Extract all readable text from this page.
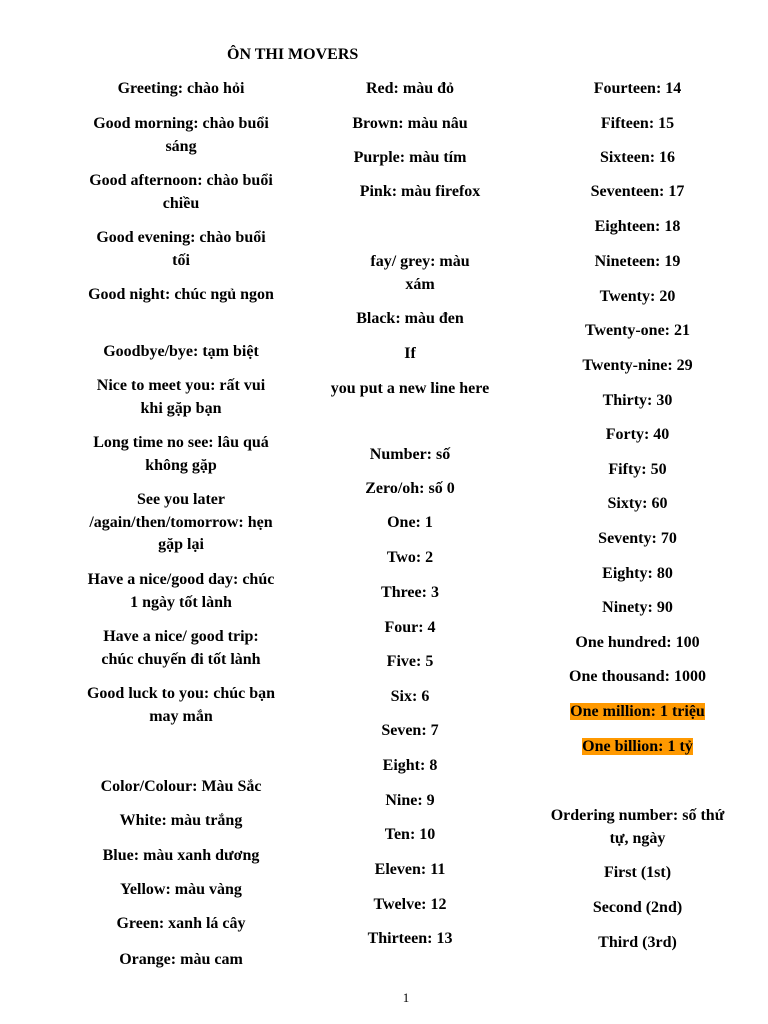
ÔN THI MOVERS

Greeting: chào hỏi

Good morning: chào buổi sáng

Good afternoon: chào buổi chiều

Good evening: chào buổi tối

Good night: chúc ngủ ngon

Goodbye/bye: tạm biệt

Nice to meet you: rất vui khi gặp bạn

Long time no see: lâu quá không gặp

See you later /again/then/tomorrow: hẹn gặp lại

Have a nice/good day: chúc 1 ngày tốt lành

Have a nice/ good trip: chúc chuyến đi tốt lành

Good luck to you: chúc bạn may mắn

Color/Colour: Màu Sắc

White: màu trắng

Blue: màu xanh dương

Yellow: màu vàng

Green: xanh lá cây

Orange: màu cam

Red: màu đỏ

Brown: màu nâu

Purple: màu tím

Pink: màu firefox

fay/ grey: màu xám

Black: màu đen

If

you put a new line here

Number: số

Zero/oh: số 0

One: 1

Two: 2

Three: 3

Four: 4

Five: 5

Six: 6

Seven: 7

Eight: 8

Nine: 9

Ten: 10

Eleven: 11

Twelve: 12

Thirteen: 13

Fourteen: 14

Fifteen: 15

Sixteen: 16

Seventeen: 17

Eighteen: 18

Nineteen: 19

Twenty: 20

Twenty-one: 21

Twenty-nine: 29

Thirty: 30

Forty: 40

Fifty: 50

Sixty: 60

Seventy: 70

Eighty: 80

Ninety: 90

One hundred: 100

One thousand: 1000

One million: 1 triệu

One billion: 1 tỷ

Ordering number: số thứ tự, ngày

First (1st)

Second (2nd)

Third (3rd)

1
